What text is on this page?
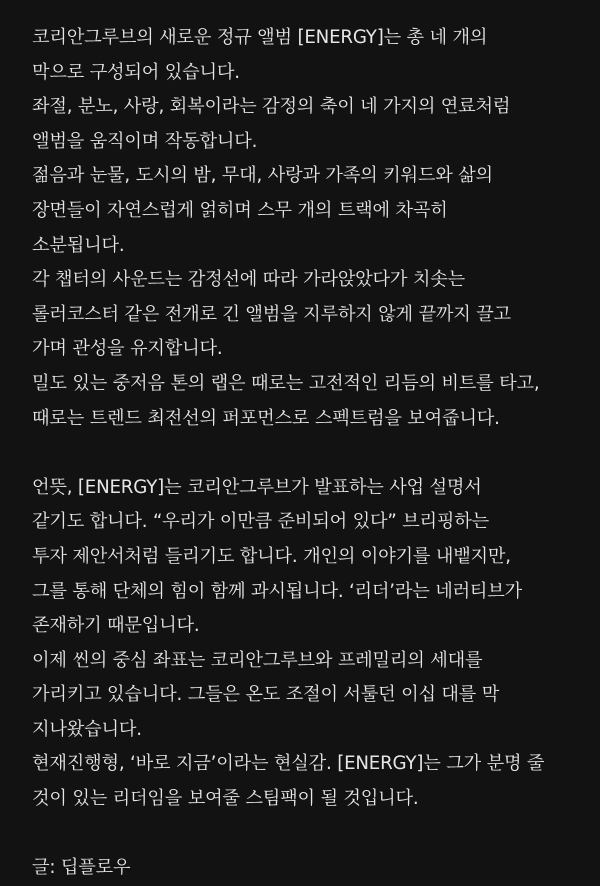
코리안그루브의 새로운 정규 앨범 [ENERGY]는 총 네 개의
막으로 구성되어 있습니다.
좌절, 분노, 사랑, 회복이라는 감정의 축이 네 가지의 연료처럼
앨범을 움직이며 작동합니다.
젊음과 눈물, 도시의 밤, 무대, 사랑과 가족의 키워드와 삶의
장면들이 자연스럽게 얽히며 스무 개의 트랙에 차곡히
소분됩니다.
각 챕터의 사운드는 감정선에 따라 가라앉았다가 치솟는
롤러코스터 같은 전개로 긴 앨범을 지루하지 않게 끝까지 끌고
가며 관성을 유지합니다.
밀도 있는 중저음 톤의 랩은 때로는 고전적인 리듬의 비트를 타고,
때로는 트렌드 최전선의 퍼포먼스로 스펙트럼을 보여줍니다.
언뜻, [ENERGY]는 코리안그루브가 발표하는 사업 설명서
같기도 합니다. “우리가 이만큼 준비되어 있다” 브리핑하는
투자 제안서처럼 들리기도 합니다. 개인의 이야기를 내뱉지만,
그를 통해 단체의 힘이 함께 과시됩니다. ‘리더’라는 네러티브가
존재하기 때문입니다.
이제 씬의 중심 좌표는 코리안그루브와 프레밀리의 세대를
가리키고 있습니다. 그들은 온도 조절이 서툴던 이십 대를 막
지나왔습니다.
현재진행형, ‘바로 지금’이라는 현실감. [ENERGY]는 그가 분명 줄
것이 있는 리더임을 보여줄 스팀팩이 될 것입니다.
글: 딥플로우
